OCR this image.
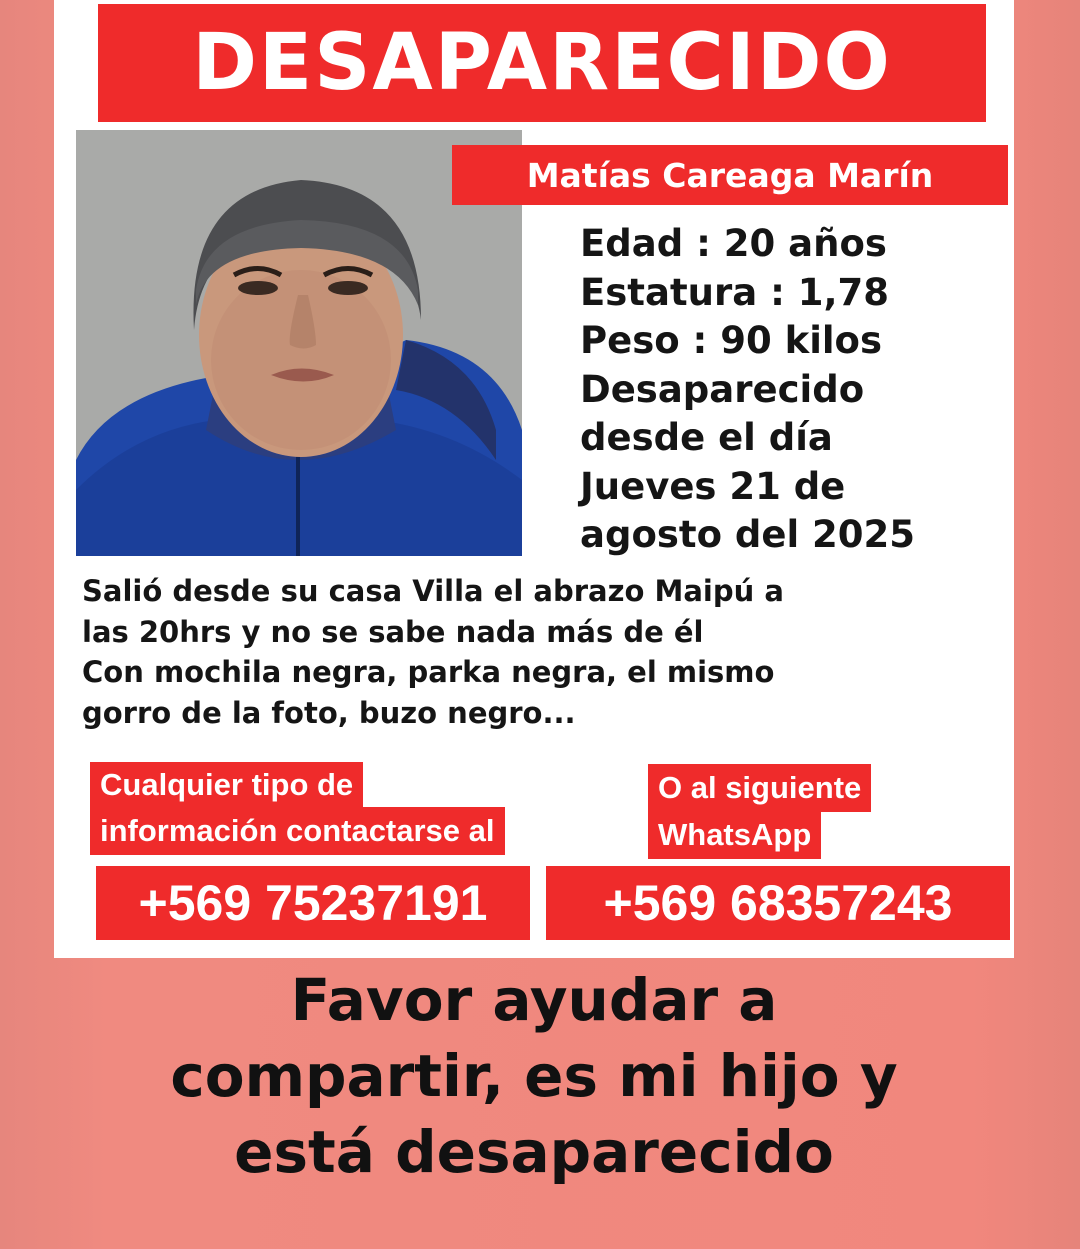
DESAPARECIDO
Matías Careaga Marín
Edad : 20 años
Estatura : 1,78
Peso : 90 kilos
Desaparecido
desde el día
Jueves 21 de
agosto del 2025
Salió desde su casa Villa el abrazo Maipú a
las 20hrs y no se sabe nada más de él
Con mochila negra, parka negra, el mismo
gorro de la foto, buzo negro...
Cualquier tipo de
información contactarse al
O al siguiente
WhatsApp
+569 75237191 +569 68357243
Favor ayudar a
compartir, es mi hijo y
está desaparecido
